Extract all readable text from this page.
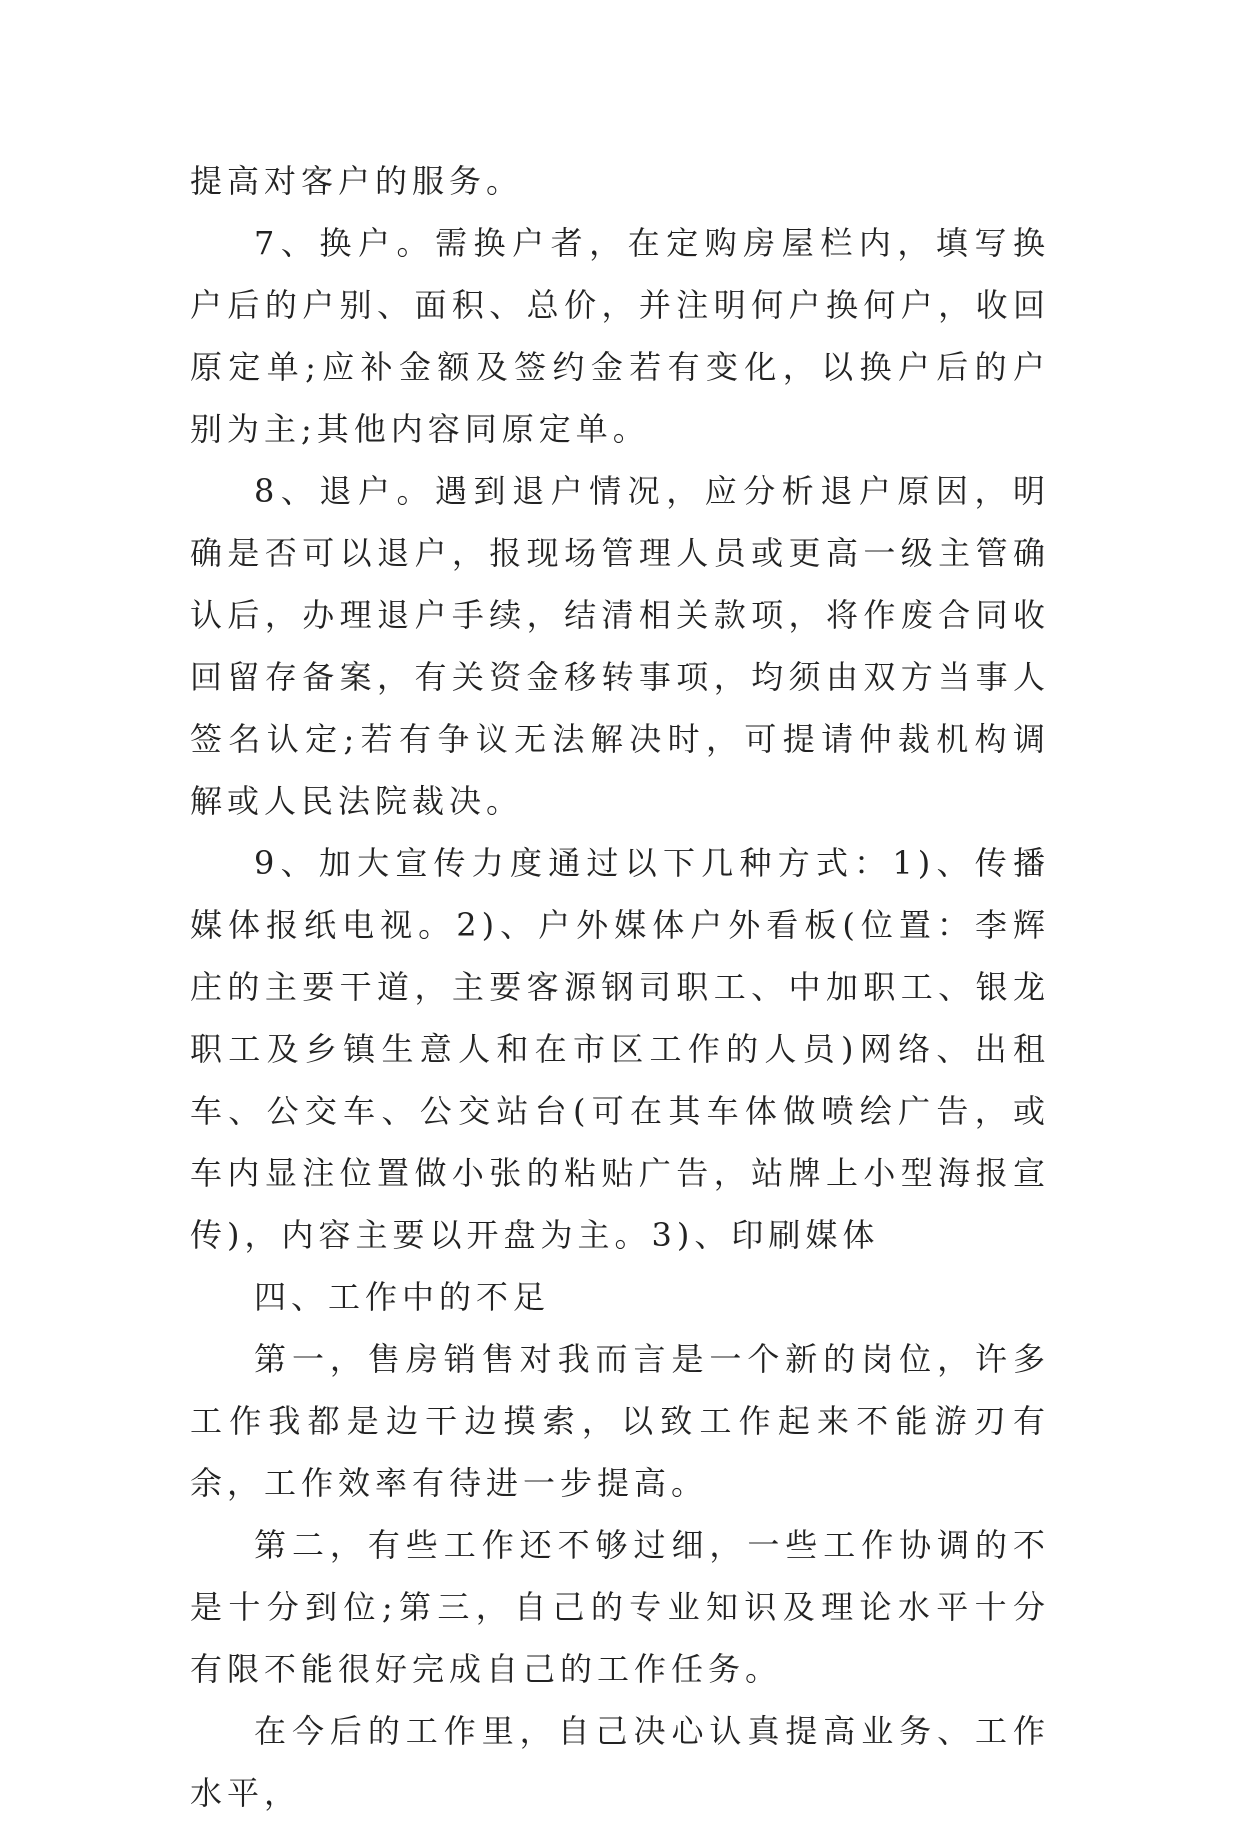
提高对客户的服务。

7、换户。需换户者，在定购房屋栏内，填写换户后的户别、面积、总价，并注明何户换何户，收回原定单;应补金额及签约金若有变化，以换户后的户别为主;其他内容同原定单。

8、退户。遇到退户情况，应分析退户原因，明确是否可以退户，报现场管理人员或更高一级主管确认后，办理退户手续，结清相关款项，将作废合同收回留存备案，有关资金移转事项，均须由双方当事人签名认定;若有争议无法解决时，可提请仲裁机构调解或人民法院裁决。

9、加大宣传力度通过以下几种方式：1)、传播媒体报纸电视。2)、户外媒体户外看板(位置：李辉庄的主要干道，主要客源钢司职工、中加职工、银龙职工及乡镇生意人和在市区工作的人员)网络、出租车、公交车、公交站台(可在其车体做喷绘广告，或车内显注位置做小张的粘贴广告，站牌上小型海报宣传)，内容主要以开盘为主。3)、印刷媒体

四、工作中的不足

第一，售房销售对我而言是一个新的岗位，许多工作我都是边干边摸索，以致工作起来不能游刃有余，工作效率有待进一步提高。

第二，有些工作还不够过细，一些工作协调的不是十分到位;第三，自己的专业知识及理论水平十分有限不能很好完成自己的工作任务。

在今后的工作里，自己决心认真提高业务、工作水平，
